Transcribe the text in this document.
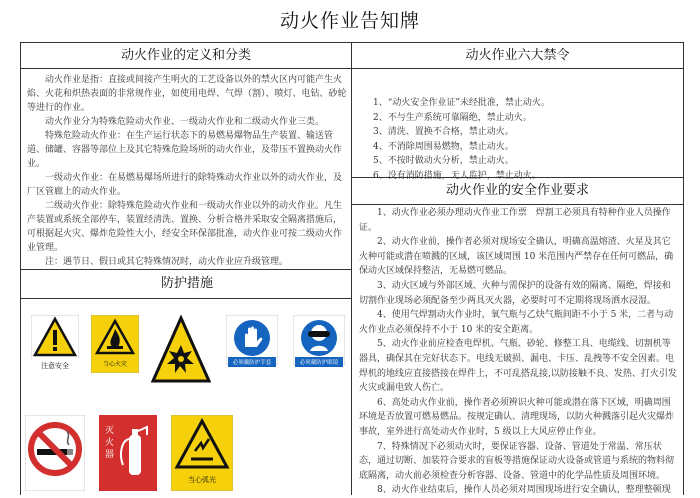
动火作业告知牌
动火作业的定义和分类

动火作业是指：直接或间接产生明火的工艺设备以外的禁火区内可能产生火焰、火花和炽热表面的非常规作业，如使用电焊、气焊（割）、喷灯、电钻、砂轮等进行的作业。

动火作业分为特殊危险动火作业、一级动火作业和二级动火作业三类。

特殊危险动火作业：在生产运行状态下的易燃易爆物品生产装置、输送管道、储罐、容器等部位上及其它特殊危险场所的动火作业，及带压不置换动火作业。

一级动火作业：在易燃易爆场所进行的除特殊动火作业以外的动火作业，及厂区管廊上的动火作业。

二级动火作业：除特殊危险动火作业和一级动火作业以外的动火作业。凡生产装置或系统全部停车，装置经清洗、置换、分析合格并采取安全隔离措施后，可根据起火灾、爆炸危险性大小，经安全环保部批准，动火作业可按二级动火作业管理。

注：遇节日、假日或其它特殊情况时，动火作业应升级管理。

防护措施
注意安全	当心火灾	必须戴防护手套	必须戴防护眼镜
灭火器
当心弧光
动火作业六大禁令

1、“动火安全作业证”未经批准，禁止动火。

2、不与生产系统可靠隔绝，禁止动火。

3、清洗、置换不合格，禁止动火。

4、不消除周围易燃物，禁止动火。

5、不按时做动火分析，禁止动火。

6、没有消防措施，无人监护，禁止动火。

动火作业的安全作业要求

1、动火作业必须办理动火作业工作票　焊割工必须具有特种作业人员操作证。

2、动火作业前，操作者必须对现场安全确认，明确高温熔渣、火星及其它火种可能或潜在喷溅的区域，该区域周围 10 米范围内严禁存在任何可燃品，确保动火区域保持整洁，无易燃可燃品。

3、动火区域与外部区域、火种与需保护的设备有效的隔离、隔绝，焊接和切割作业现场必须配备至少两具灭火器，必要时可不定期将现场洒水浸湿。

4、使用气焊割动火作业时，氧气瓶与乙炔气瓶间距不小于 5 米，二者与动火作业点必须保持不小于 10 米的安全距离。

5、动火作业前应检查电焊机、气瓶、砂轮、修整工具、电缆线、切割机等器具，确保其在完好状态下。电线无破损、漏电、卡压、乱拽等不安全因素。电焊机的地线应直接搭接在焊件上，不可乱搭乱接,以防接触不良、发热、打火引发火灾或漏电致人伤亡。

6、高处动火作业前，操作者必须辨识火种可能或潜在落下区域，明确周围环境是否放置可燃易燃品。按规定确认、清理现场，以防火种溅落引起火灾爆炸事故，室外进行高处动火作业时，5 级以上大风应停止作业。

7、特殊情况下必须动火时，要保证容器、设备、管道处于常温、常压状态，通过切断、加装符合要求的盲板等措施保证动火设备或管道与系统的物料彻底隔离，动火前必须检查分析容器、设备、管道中的化学品性质及周围环境。

8、动火作业结束后，操作人员必须对周围现场进行安全确认，整理整顿现
